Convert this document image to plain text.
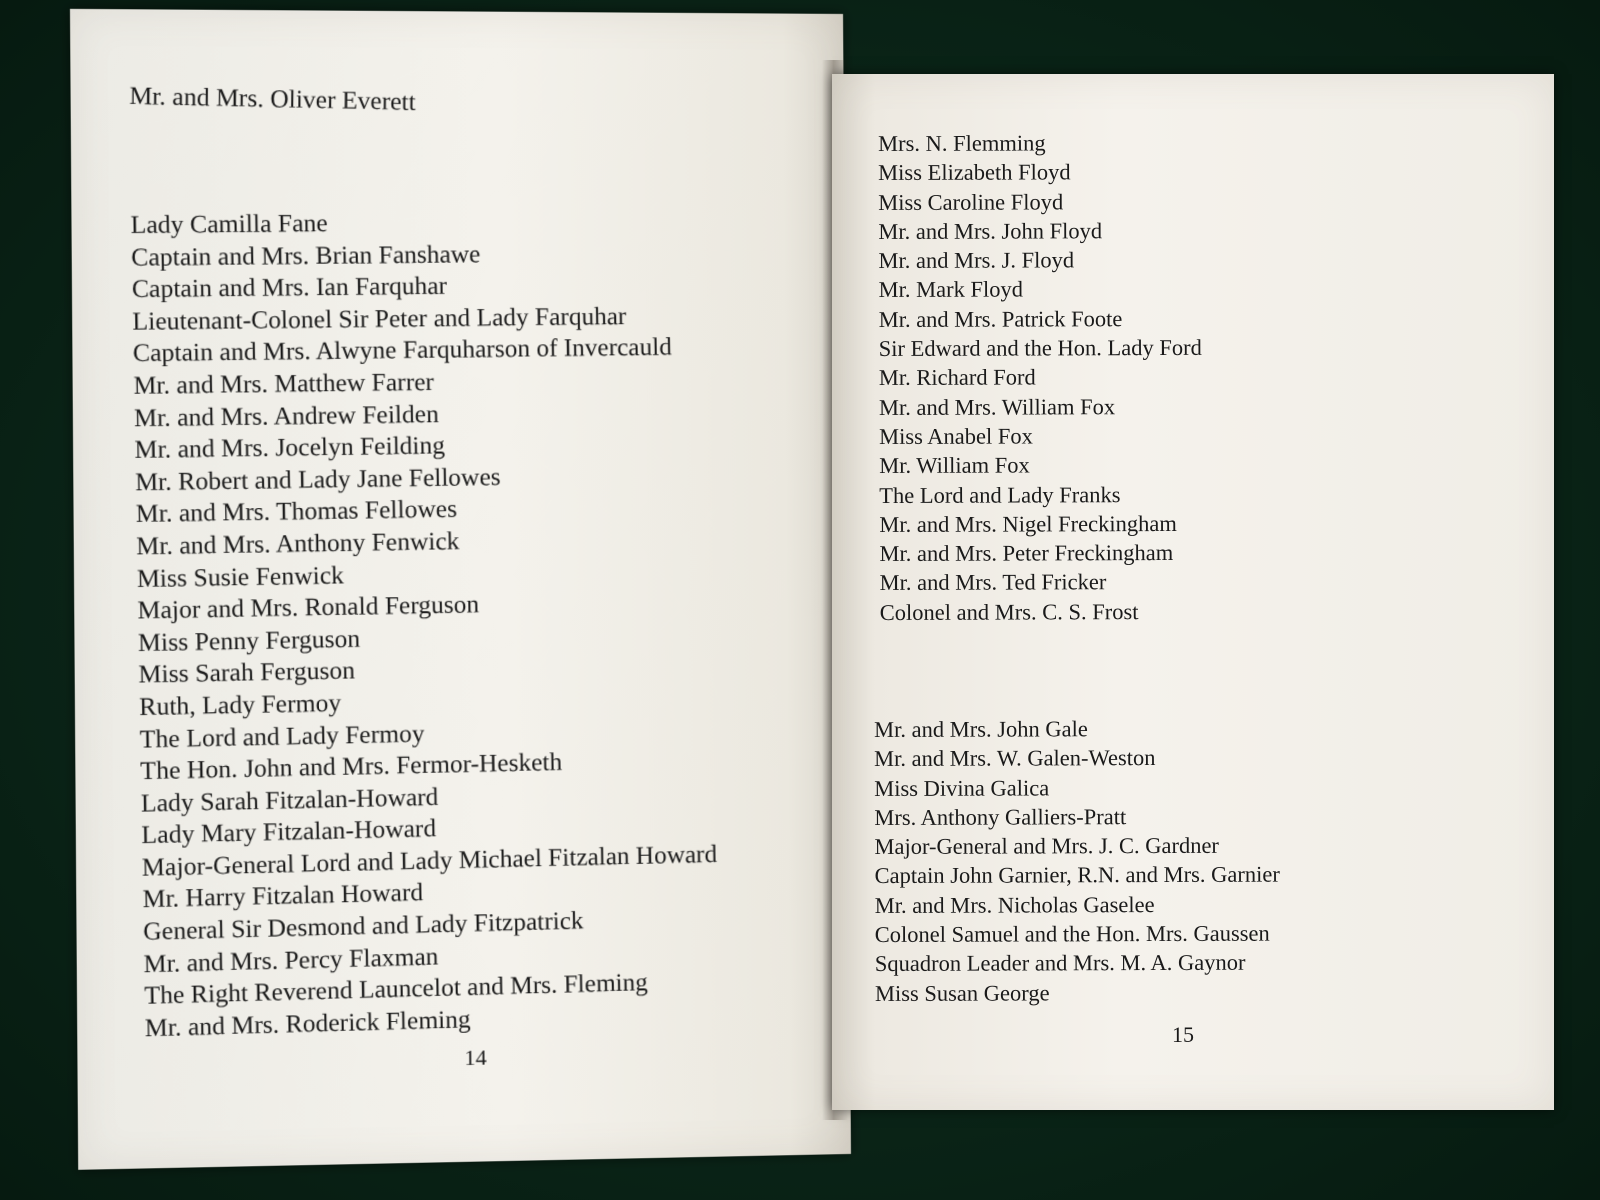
Mr. and Mrs. Oliver Everett
Lady Camilla Fane
Captain and Mrs. Brian Fanshawe
Captain and Mrs. Ian Farquhar
Lieutenant-Colonel Sir Peter and Lady Farquhar
Captain and Mrs. Alwyne Farquharson of Invercauld
Mr. and Mrs. Matthew Farrer
Mr. and Mrs. Andrew Feilden
Mr. and Mrs. Jocelyn Feilding
Mr. Robert and Lady Jane Fellowes
Mr. and Mrs. Thomas Fellowes
Mr. and Mrs. Anthony Fenwick
Miss Susie Fenwick
Major and Mrs. Ronald Ferguson
Miss Penny Ferguson
Miss Sarah Ferguson
Ruth, Lady Fermoy
The Lord and Lady Fermoy
The Hon. John and Mrs. Fermor-Hesketh
Lady Sarah Fitzalan-Howard
Lady Mary Fitzalan-Howard
Major-General Lord and Lady Michael Fitzalan Howard
Mr. Harry Fitzalan Howard
General Sir Desmond and Lady Fitzpatrick
Mr. and Mrs. Percy Flaxman
The Right Reverend Launcelot and Mrs. Fleming
Mr. and Mrs. Roderick Fleming
14
Mrs. N. Flemming
Miss Elizabeth Floyd
Miss Caroline Floyd
Mr. and Mrs. John Floyd
Mr. and Mrs. J. Floyd
Mr. Mark Floyd
Mr. and Mrs. Patrick Foote
Sir Edward and the Hon. Lady Ford
Mr. Richard Ford
Mr. and Mrs. William Fox
Miss Anabel Fox
Mr. William Fox
The Lord and Lady Franks
Mr. and Mrs. Nigel Freckingham
Mr. and Mrs. Peter Freckingham
Mr. and Mrs. Ted Fricker
Colonel and Mrs. C. S. Frost
Mr. and Mrs. John Gale
Mr. and Mrs. W. Galen-Weston
Miss Divina Galica
Mrs. Anthony Galliers-Pratt
Major-General and Mrs. J. C. Gardner
Captain John Garnier, R.N. and Mrs. Garnier
Mr. and Mrs. Nicholas Gaselee
Colonel Samuel and the Hon. Mrs. Gaussen
Squadron Leader and Mrs. M. A. Gaynor
Miss Susan George
15
